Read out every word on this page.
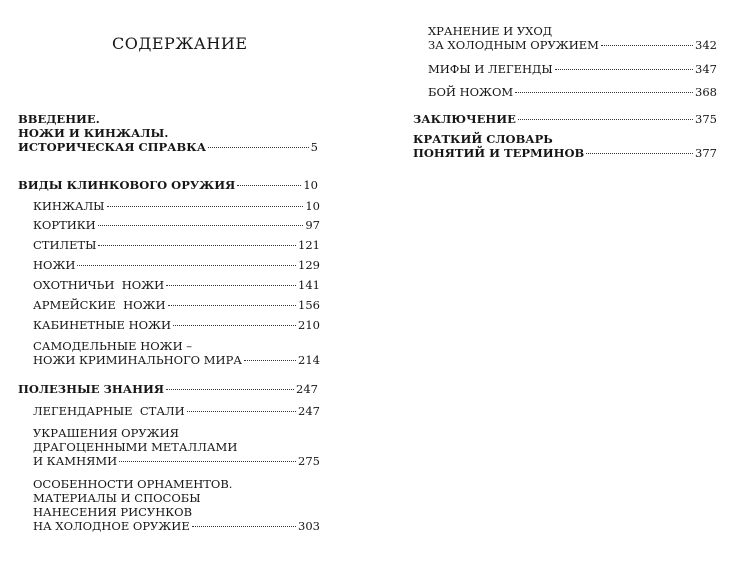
СОДЕРЖАНИЕ
ВВЕДЕНИЕ.
НОЖИ И КИНЖАЛЫ.
ИСТОРИЧЕСКАЯ СПРАВКА	5
ВИДЫ КЛИНКОВОГО ОРУЖИЯ	10
КИНЖАЛЫ	10
КОРТИКИ	97
СТИЛЕТЫ	121
НОЖИ	129
ОХОТНИЧЬИ  НОЖИ	141
АРМЕЙСКИЕ  НОЖИ	156
КАБИНЕТНЫЕ НОЖИ	210
САМОДЕЛЬНЫЕ НОЖИ –
НОЖИ КРИМИНАЛЬНОГО МИРА	214
ПОЛЕЗНЫЕ ЗНАНИЯ	247
ЛЕГЕНДАРНЫЕ  СТАЛИ	247
УКРАШЕНИЯ ОРУЖИЯ
ДРАГОЦЕННЫМИ МЕТАЛЛАМИ
И КАМНЯМИ	275
ОСОБЕННОСТИ ОРНАМЕНТОВ.
МАТЕРИАЛЫ И СПОСОБЫ
НАНЕСЕНИЯ РИСУНКОВ
НА ХОЛОДНОЕ ОРУЖИЕ	303
ХРАНЕНИЕ И УХОД
ЗА ХОЛОДНЫМ ОРУЖИЕМ	342
МИФЫ И ЛЕГЕНДЫ	347
БОЙ НОЖОМ	368
ЗАКЛЮЧЕНИЕ	375
КРАТКИЙ СЛОВАРЬ
ПОНЯТИЙ И ТЕРМИНОВ	377
